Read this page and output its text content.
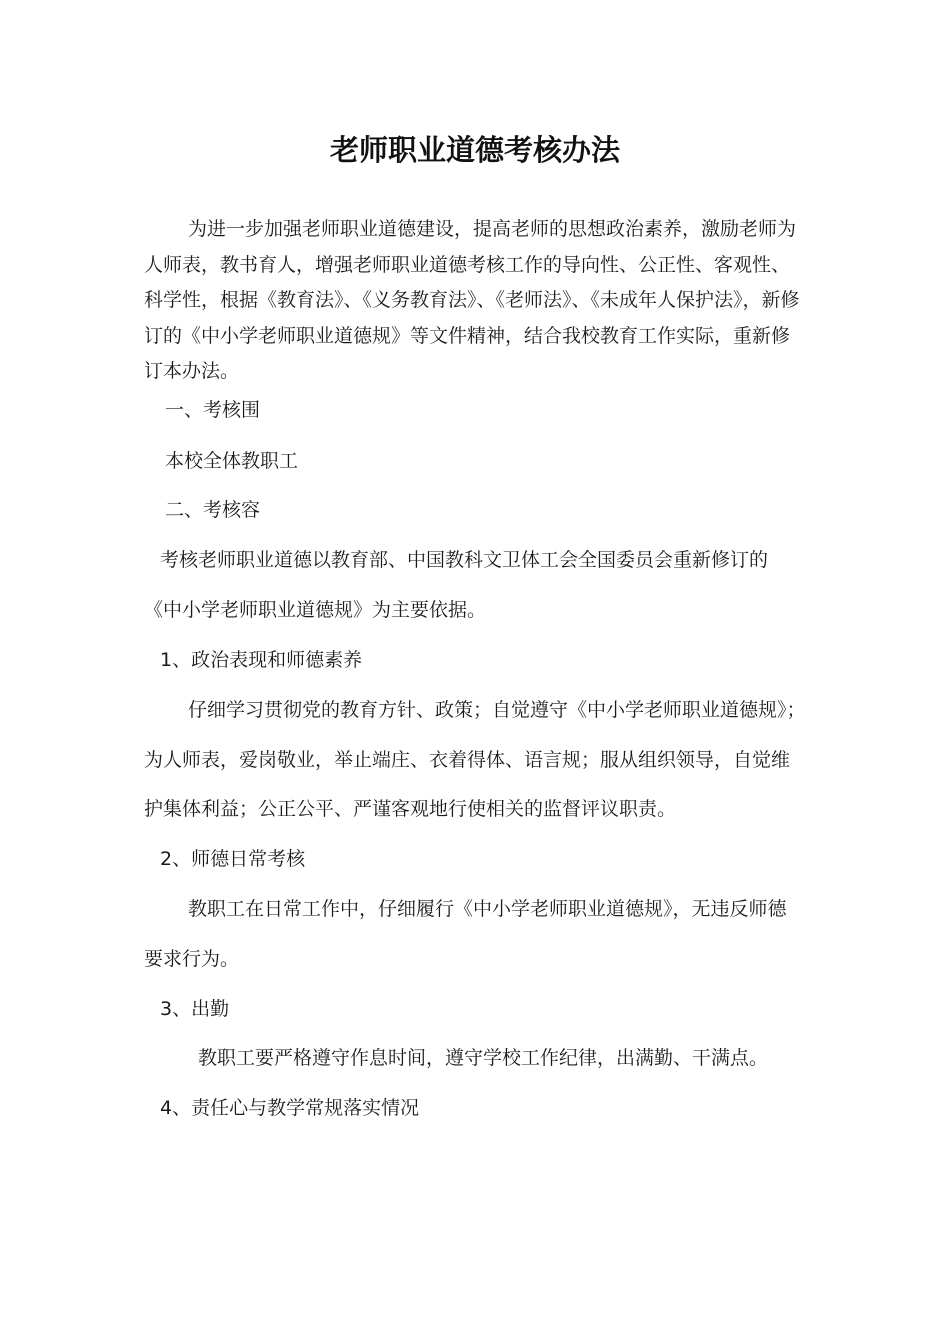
老师职业道德考核办法

为进一步加强老师职业道德建设，提高老师的思想政治素养，激励老师为人师表，教书育人，增强老师职业道德考核工作的导向性、公正性、客观性、科学性，根据《教育法》、《义务教育法》、《老师法》、《未成年人保护法》，新修订的《中小学老师职业道德规》等文件精神，结合我校教育工作实际，重新修订本办法。

一、考核围

本校全体教职工

二、考核容

考核老师职业道德以教育部、中国教科文卫体工会全国委员会重新修订的

《中小学老师职业道德规》为主要依据。

1、政治表现和师德素养

仔细学习贯彻党的教育方针、政策；自觉遵守《中小学老师职业道德规》；

为人师表，爱岗敬业，举止端庄、衣着得体、语言规；服从组织领导，自觉维

护集体利益；公正公平、严谨客观地行使相关的监督评议职责。

2、师德日常考核

教职工在日常工作中，仔细履行《中小学老师职业道德规》，无违反师德

要求行为。

3、出勤

教职工要严格遵守作息时间，遵守学校工作纪律，出满勤、干满点。

4、责任心与教学常规落实情况
